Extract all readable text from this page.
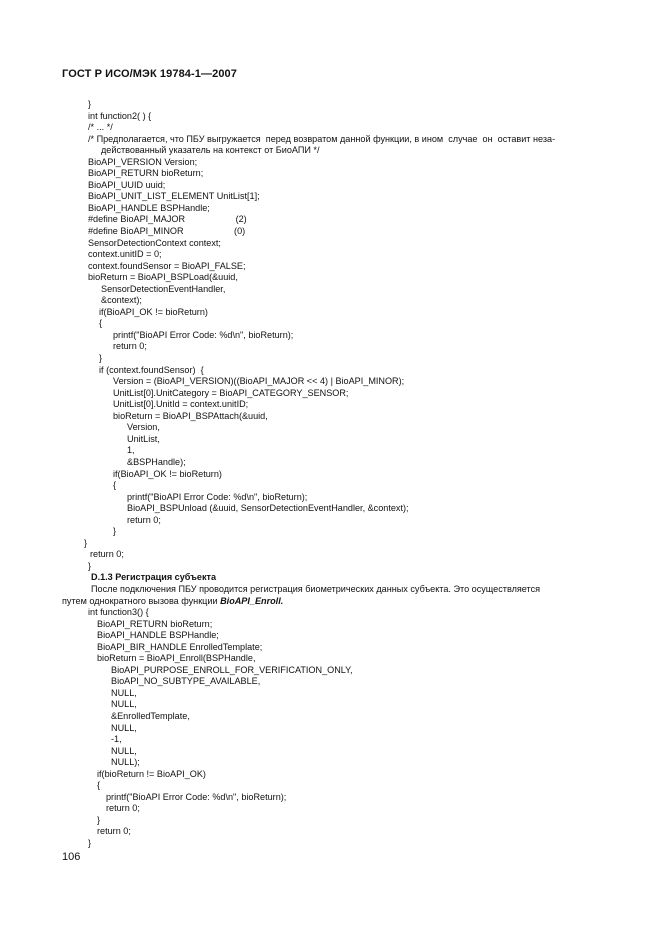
ГОСТ Р ИСО/МЭК 19784-1—2007
}
int function2( ) {
/* ... */
/* Предполагается, что ПБУ выгружается  перед возвратом данной функции, в ином  случае  он  оставит неза-
действованный указатель на контекст от БиоАПИ */
BioAPI_VERSION Version;
BioAPI_RETURN bioReturn;
BioAPI_UUID uuid;
BioAPI_UNIT_LIST_ELEMENT UnitList[1];
BioAPI_HANDLE BSPHandle;
#define BioAPI_MAJOR                    (2)
#define BioAPI_MINOR                    (0)
SensorDetectionContext context;
context.unitID = 0;
context.foundSensor = BioAPI_FALSE;
bioReturn = BioAPI_BSPLoad(&uuid,
SensorDetectionEventHandler,
&context);
if(BioAPI_OK != bioReturn)
{
printf("BioAPI Error Code: %d\n", bioReturn);
return 0;
}
if (context.foundSensor)  {
Version = (BioAPI_VERSION)((BioAPI_MAJOR << 4) | BioAPI_MINOR);
UnitList[0].UnitCategory = BioAPI_CATEGORY_SENSOR;
UnitList[0].UnitId = context.unitID;
bioReturn = BioAPI_BSPAttach(&uuid,
Version,
UnitList,
1,
&BSPHandle);
if(BioAPI_OK != bioReturn)
{
printf("BioAPI Error Code: %d\n", bioReturn);
BioAPI_BSPUnload (&uuid, SensorDetectionEventHandler, &context);
return 0;
}
}
return 0;
}
D.1.3 Регистрация субъекта
После подключения ПБУ проводится регистрация биометрических данных субъекта. Это осуществляется
путем однократного вызова функции BioAPI_Enroll.
int function3() {
BioAPI_RETURN bioReturn;
BioAPI_HANDLE BSPHandle;
BioAPI_BIR_HANDLE EnrolledTemplate;
bioReturn = BioAPI_Enroll(BSPHandle,
BioAPI_PURPOSE_ENROLL_FOR_VERIFICATION_ONLY,
BioAPI_NO_SUBTYPE_AVAILABLE,
NULL,
NULL,
&EnrolledTemplate,
NULL,
-1,
NULL,
NULL);
if(bioReturn != BioAPI_OK)
{
printf("BioAPI Error Code: %d\n", bioReturn);
return 0;
}
return 0;
}
106
